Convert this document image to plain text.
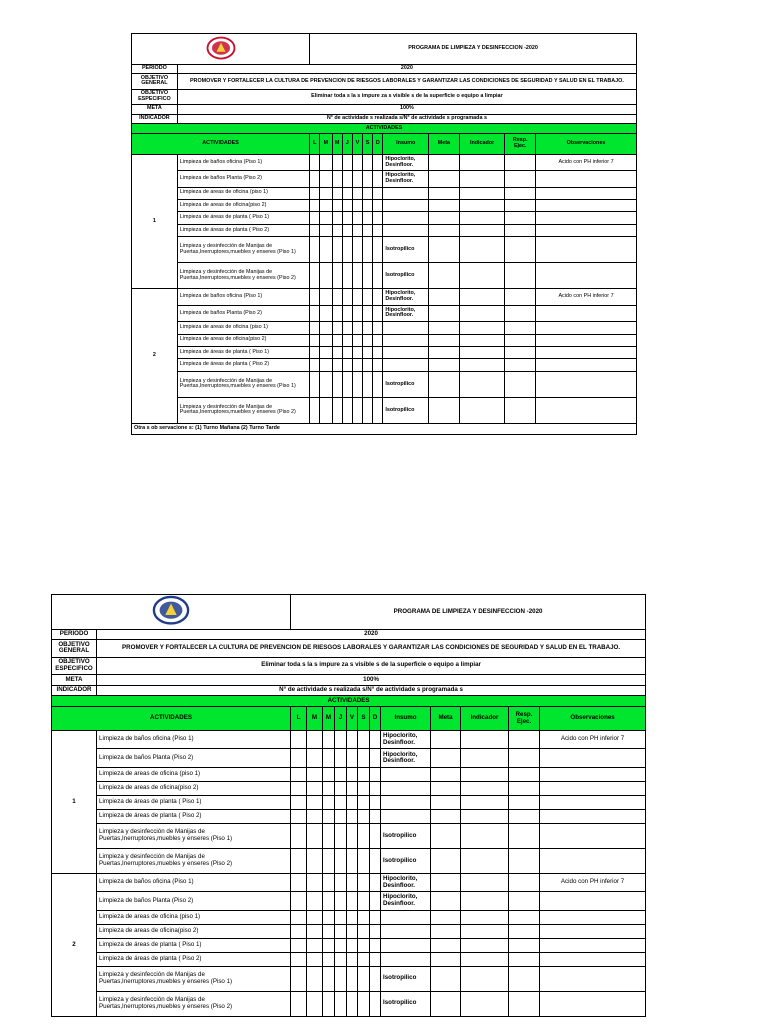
	PROGRAMA DE LIMPIEZA Y DESINFECCION -2020											
PERIODO	2020												
OBJETIVO GENERAL	PROMOVER Y FORTALECER LA CULTURA DE PREVENCION DE RIESGOS LABORALES Y GARANTIZAR LAS CONDICIONES DE SEGURIDAD Y SALUD EN EL TRABAJO.												
OBJETIVO ESPECIFICO	Eliminar toda s la s impure za s visible s de la superficie o equipo a limpiar												
META	100%												
INDICADOR	N° de actividade s realizada s/N° de actividade s programada s												
ACTIVIDADES													
ACTIVIDADES		L	M	M	J	V	S	D	Insumo	Meta	Indicador	Resp. Ejec.	Observaciones
1	Limpieza de baños oficina (Piso 1)								Hipoclorito,
Desinfloor.				Acido con PH inferior 7
	Limpieza de baños Planta (Piso 2)								Hipoclorito,
Desinfloor.				
	Limpieza de areas de oficina (piso 1)												
	Limpieza de areas de oficina(piso 2)												
	Limpieza de áreas de planta ( Piso 1)												
	Limpieza de áreas de planta ( Piso 2)												
	Limpieza y desinfección de Manijas de Puertas,Inerruptores,muebles y enseres (Piso 1)								Isotropilico				
	Limpieza y desinfección de Manijas de Puertas,Inerruptores,muebles y enseres (Piso 2)								Isotropilico				
2	Limpieza de baños oficina (Piso 1)								Hipoclorito,
Desinfloor.				Acido con PH inferior 7
	Limpieza de baños Planta (Piso 2)								Hipoclorito,
Desinfloor.				
	Limpieza de areas de oficina (piso 1)												
	Limpieza de areas de oficina(piso 2)												
	Limpieza de áreas de planta ( Piso 1)												
	Limpieza de áreas de planta ( Piso 2)												
	Limpieza y desinfección de Manijas de Puertas,Inerruptores,muebles y enseres (Piso 1)								Isotropilico				
	Limpieza y desinfección de Manijas de Puertas,Inerruptores,muebles y enseres (Piso 2)								Isotropilico				
Otra s ob servacione s: (1) Turno Mañana (2) Turno Tarde
	PROGRAMA DE LIMPIEZA Y DESINFECCION -2020											
PERIODO	2020												
OBJETIVO GENERAL	PROMOVER Y FORTALECER LA CULTURA DE PREVENCION DE RIESGOS LABORALES Y GARANTIZAR LAS CONDICIONES DE SEGURIDAD Y SALUD EN EL TRABAJO.												
OBJETIVO ESPECIFICO	Eliminar toda s la s impure za s visible s de la superficie o equipo a limpiar												
META	100%												
INDICADOR	N° de actividade s realizada s/N° de actividade s programada s												
ACTIVIDADES													
ACTIVIDADES		L	M	M	J	V	S	D	Insumo	Meta	Indicador	Resp. Ejec.	Observaciones
1	Limpieza de baños oficina (Piso 1)								Hipoclorito,
Desinfloor.				Acido con PH inferior 7
	Limpieza de baños Planta (Piso 2)								Hipoclorito,
Desinfloor.				
	Limpieza de areas de oficina (piso 1)												
	Limpieza de areas de oficina(piso 2)												
	Limpieza de áreas de planta ( Piso 1)												
	Limpieza de áreas de planta ( Piso 2)												
	Limpieza y desinfección de Manijas de Puertas,Inerruptores,muebles y enseres (Piso 1)								Isotropilico				
	Limpieza y desinfección de Manijas de Puertas,Inerruptores,muebles y enseres (Piso 2)								Isotropilico				
2	Limpieza de baños oficina (Piso 1)								Hipoclorito,
Desinfloor.				Acido con PH inferior 7
	Limpieza de baños Planta (Piso 2)								Hipoclorito,
Desinfloor.				
	Limpieza de areas de oficina (piso 1)												
	Limpieza de areas de oficina(piso 2)												
	Limpieza de áreas de planta ( Piso 1)												
	Limpieza de áreas de planta ( Piso 2)												
	Limpieza y desinfección de Manijas de Puertas,Inerruptores,muebles y enseres (Piso 1)								Isotropilico				
	Limpieza y desinfección de Manijas de Puertas,Inerruptores,muebles y enseres (Piso 2)								Isotropilico				
